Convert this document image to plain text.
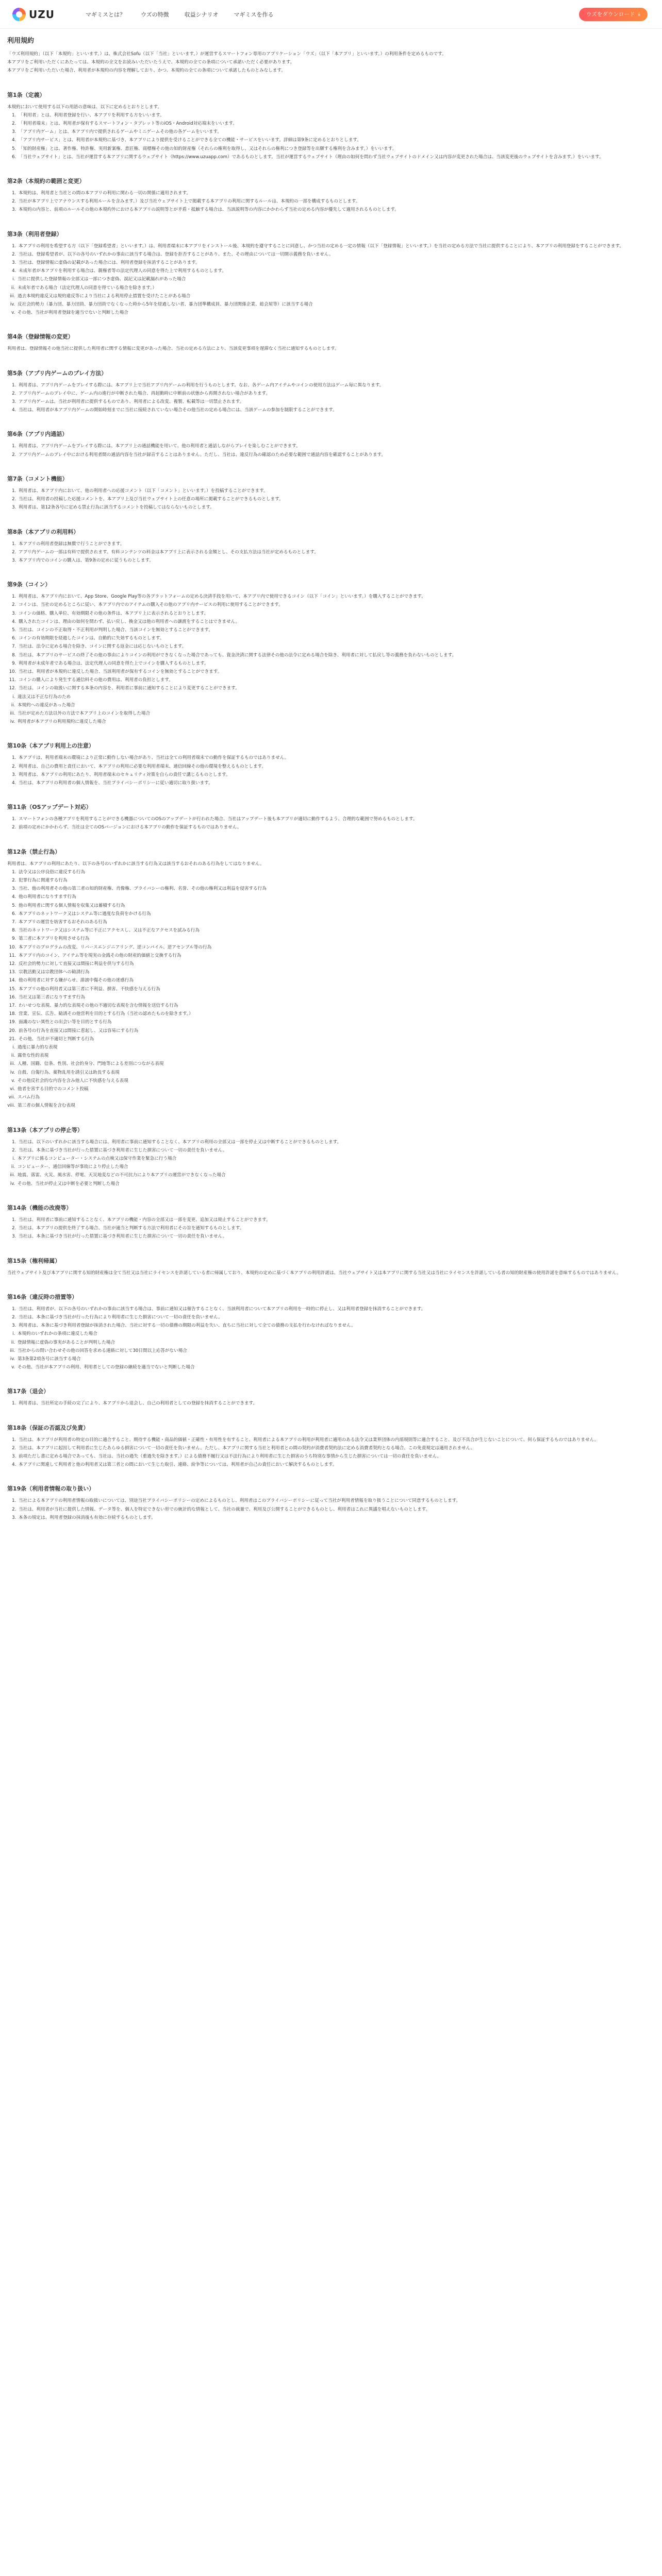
UZU	マギミスとは？	ウズの特徴	収益シナリオ	マギミスを作る	ウズをダウンロード ⤓
利用規約

「ウズ利用規約」（以下「本規約」といいます。）は、株式会社Sofu（以下「当社」といいます。）が運営するスマートフォン専用のアプリケーション「ウズ」（以下「本アプリ」といいます。）の利用条件を定めるものです。

本アプリをご利用いただくにあたっては、本規約の全文をお読みいただいたうえで、本規約の全ての条項について承諾いただく必要があります。

本アプリをご利用いただいた場合、利用者が本規約の内容を理解しており、かつ、本規約の全ての条項について承諾したものとみなします。

第1条（定義）

本規約において使用する以下の用語の意味は、以下に定めるとおりとします。

1. 「利用者」とは、利用者登録を行い、本アプリを利用する方をいいます。
2. 「利用者端末」とは、利用者が保有するスマートフォン・タブレット等のiOS・Android対応端末をいいます。
3. 「アプリ内ゲーム」とは、本アプリ内で提供されるゲームやミニゲームその他の各ゲームをいいます。
4. 「アプリ内サービス」とは、利用者が本規約に基づき、本アプリにより提供を受けることができる全ての機能・サービスをいいます。詳細は第9条に定めるとおりとします。
5. 「知的財産権」とは、著作権、特許権、実用新案権、意匠権、商標権その他の知的財産権（それらの権利を取得し、又はそれらの権利につき登録等を出願する権利を含みます。）をいいます。
6. 「当社ウェブサイト」とは、当社が運営する本アプリに関するウェブサイト（https://www.uzuapp.com）であるものとします。当社が運営するウェブサイト（理由の如何を問わず当社ウェブサイトのドメイン又は内容が変更された場合は、当該変更後のウェブサイトを含みます。）をいいます。
第2条（本規約の範囲と変更）
1. 本規約は、利用者と当社との間の本アプリの利用に関わる一切の関係に適用されます。
2. 当社が本アプリ上でアナウンスする利用ルールを含みます。）及び当社ウェブサイト上で掲載する本アプリの利用に関するルールは、本規約の一部を構成するものとします。
3. 本規約の内容と、前項のルールその他の本規約外における本アプリの説明等とが矛盾・抵触する場合は、当該説明等の内容にかかわらず当社の定める内容が優先して適用されるものとします。
第3条（利用者登録）
1. 本アプリの利用を希望する方（以下「登録希望者」といいます。）は、利用者端末に本アプリをインストール後、本規約を遵守することに同意し、かつ当社の定める一定の情報（以下「登録情報」といいます。）を当社の定める方法で当社に提供することにより、本アプリの利用登録をすることができます。
2. 当社は、登録希望者が、以下の各号のいずれかの事由に該当する場合は、登録を拒否することがあり、また、その理由については一切開示義務を負いません。
3. 当社は、登録情報に虚偽の記載があった場合には、利用者登録を抹消することがあります。
4. 未成年者が本アプリを利用する場合は、親権者等の法定代理人の同意を得た上で利用するものとします。
i. 当社に提供した登録情報の全部又は一部につき虚偽、誤記又は記載漏れがあった場合
ii. 未成年者である場合（法定代理人の同意を得ている場合を除きます。）
iii. 過去本規約違反又は規約違反等により当社による利用停止措置を受けたことがある場合
iv. 反社会的勢力（暴力団、暴力団員、暴力団員でなくなった時から5年を経過しない者、暴力団準構成員、暴力団関係企業、総会屋等）に該当する場合
v. その他、当社が利用者登録を適当でないと判断した場合
第4条（登録情報の変更）

利用者は、登録情報その他当社に提供した利用者に関する情報に変更があった場合、当社の定める方法により、当該変更事項を遅滞なく当社に通知するものとします。

第5条（アプリ内ゲームのプレイ方法）
1. 利用者は、アプリ内ゲームをプレイする際には、本アプリ上で当社アプリ内ゲームの利用を行うものとします。なお、各ゲーム内アイテムやコインの使用方法はゲーム毎に異なります。
2. アプリ内ゲームのプレイ中に、ゲーム内の進行が中断された場合、再起動時に中断前の状態から再開されない場合があります。
3. アプリ内ゲームは、当社が利用者に提供するものであり、利用者による改変、複製、転載等は一切禁止されます。
4. 当社は、利用者が本アプリ内ゲームの開始時刻までに当社に接続されていない場合その他当社の定める場合には、当該ゲームの参加を制限することができます。
第6条（アプリ内通話）
1. 利用者は、アプリ内ゲームをプレイする際には、本アプリ上の通話機能を用いて、他の利用者と通話しながらプレイを楽しむことができます。
2. アプリ内ゲームのプレイ中における利用者間の通話内容を当社が録音することはありません。ただし、当社は、違反行為の確認のため必要な範囲で通話内容を確認することがあります。
第7条（コメント機能）
1. 利用者は、本アプリ内において、他の利用者への応援コメント（以下「コメント」といいます。）を投稿することができます。
2. 当社は、利用者の投稿した応援コメントを、本アプリ上及び当社ウェブサイト上の任意の場所に掲載することができるものとします。
3. 利用者は、第12条各号に定める禁止行為に該当するコメントを投稿してはならないものとします。
第8条（本アプリの利用料）
1. 本アプリの利用者登録は無償で行うことができます。
2. アプリ内ゲームの一部は有料で提供されます。有料コンテンツの料金は本アプリ上に表示される金額とし、その支払方法は当社が定めるものとします。
3. 本アプリ内でのコインの購入は、第9条の定めに従うものとします。
第9条（コイン）
1. 利用者は、本アプリ内において、App Store、Google Play等の各プラットフォームの定める決済手段を用いて、本アプリ内で使用できるコイン（以下「コイン」といいます。）を購入することができます。
2. コインは、当社の定めるところに従い、本アプリ内でのアイテムの購入その他のアプリ内サービスの利用に使用することができます。
3. コインの価格、購入単位、有効期限その他の条件は、本アプリ上に表示されるとおりとします。
4. 購入されたコインは、理由の如何を問わず、払い戻し、換金又は他の利用者への譲渡をすることはできません。
5. 当社は、コインの不正取得・不正利用が判明した場合、当該コインを無効とすることができます。
6. コインの有効期限を経過したコインは、自動的に失効するものとします。
7. 当社は、法令に定める場合を除き、コインに関する返金には応じないものとします。
8. 当社は、本アプリのサービスの終了その他の事由によりコインの利用ができなくなった場合であっても、資金決済に関する法律その他の法令に定める場合を除き、利用者に対して払戻し等の義務を負わないものとします。
9. 利用者が未成年者である場合は、法定代理人の同意を得た上でコインを購入するものとします。
10. 当社は、利用者が本規約に違反した場合、当該利用者が保有するコインを無効とすることができます。
11. コインの購入により発生する通信料その他の費用は、利用者の負担とします。
12. 当社は、コインの取扱いに関する本条の内容を、利用者に事前に通知することにより変更することができます。
i. 違法又は不正な行為のため
ii. 本規約への違反があった場合
iii. 当社が定めた方法以外の方法で本アプリ上のコインを取得した場合
iv. 利用者が本アプリの利用規約に違反した場合
第10条（本アプリ利用上の注意）
1. 本アプリは、利用者端末の環境により正常に動作しない場合があり、当社は全ての利用者端末での動作を保証するものではありません。
2. 利用者は、自己の費用と責任において、本アプリの利用に必要な利用者端末、通信回線その他の環境を整えるものとします。
3. 利用者は、本アプリの利用にあたり、利用者端末のセキュリティ対策を自らの責任で講じるものとします。
4. 当社は、本アプリの利用者の個人情報を、当社プライバシーポリシーに従い適切に取り扱います。
第11条（OSアップデート対応）
1. スマートフォンの各種アプリを利用することができる機器についてのOSのアップデートが行われた場合、当社はアップデート後も本アプリが適切に動作するよう、合理的な範囲で努めるものとします。
2. 前項の定めにかかわらず、当社は全てのOSバージョンにおける本アプリの動作を保証するものではありません。
第12条（禁止行為）

利用者は、本アプリの利用にあたり、以下の各号のいずれかに該当する行為又は該当するおそれのある行為をしてはなりません。

1. 法令又は公序良俗に違反する行為
2. 犯罪行為に関連する行為
3. 当社、他の利用者その他の第三者の知的財産権、肖像権、プライバシーの権利、名誉、その他の権利又は利益を侵害する行為
4. 他の利用者になりすます行為
5. 他の利用者に関する個人情報を収集又は蓄積する行為
6. 本アプリのネットワーク又はシステム等に過度な負荷をかける行為
7. 本アプリの運営を妨害するおそれのある行為
8. 当社のネットワーク又はシステム等に不正にアクセスし、又は不正なアクセスを試みる行為
9. 第三者に本アプリを利用させる行為
10. 本アプリのプログラムの改変、リバースエンジニアリング、逆コンパイル、逆アセンブル等の行為
11. 本アプリ内のコイン、アイテム等を現実の金銭その他の財産的価値と交換する行為
12. 反社会的勢力に対して直接又は間接に利益を供与する行為
13. 宗教活動又は宗教団体への勧誘行為
14. 他の利用者に対する嫌がらせ、誹謗中傷その他の迷惑行為
15. 本アプリの他の利用者又は第三者に不利益、損害、不快感を与える行為
16. 当社又は第三者になりすます行為
17. わいせつな表現、暴力的な表現その他の不適切な表現を含む情報を送信する行為
18. 営業、宣伝、広告、勧誘その他営利を目的とする行為（当社の認めたものを除きます。）
19. 面識のない異性との出会い等を目的とする行為
20. 前各号の行為を直接又は間接に惹起し、又は容易にする行為
21. その他、当社が不適切と判断する行為
i. 過度に暴力的な表現
ii. 露骨な性的表現
iii. 人種、国籍、信条、性別、社会的身分、門地等による差別につながる表現
iv. 自殺、自傷行為、薬物乱用を誘引又は助長する表現
v. その他反社会的な内容を含み他人に不快感を与える表現
vi. 他者を害する目的でのコメント投稿
vii. スパム行為
viii. 第三者の個人情報を含む表現
第13条（本アプリの停止等）
1. 当社は、以下のいずれかに該当する場合には、利用者に事前に通知することなく、本アプリの利用の全部又は一部を停止又は中断することができるものとします。
2. 当社は、本条に基づき当社が行った措置に基づき利用者に生じた損害について一切の責任を負いません。
i. 本アプリに係るコンピューター・システムの点検又は保守作業を緊急に行う場合
ii. コンピューター、通信回線等が事故により停止した場合
iii. 地震、落雷、火災、風水害、停電、天災地変などの不可抗力により本アプリの運営ができなくなった場合
iv. その他、当社が停止又は中断を必要と判断した場合
第14条（機能の改廃等）
1. 当社は、利用者に事前に通知することなく、本アプリの機能・内容の全部又は一部を変更、追加又は廃止することができます。
2. 当社は、本アプリの提供を終了する場合、当社が適当と判断する方法で利用者にその旨を通知するものとします。
3. 当社は、本条に基づき当社が行った措置に基づき利用者に生じた損害について一切の責任を負いません。
第15条（権利帰属）

当社ウェブサイト及び本アプリに関する知的財産権は全て当社又は当社にライセンスを許諾している者に帰属しており、本規約の定めに基づく本アプリの利用許諾は、当社ウェブサイト又は本アプリに関する当社又は当社にライセンスを許諾している者の知的財産権の使用許諾を意味するものではありません。

第16条（違反時の措置等）
1. 当社は、利用者が、以下の各号のいずれかの事由に該当する場合は、事前に通知又は催告することなく、当該利用者について本アプリの利用を一時的に停止し、又は利用者登録を抹消することができます。
2. 当社は、本条に基づき当社が行った行為により利用者に生じた損害について一切の責任を負いません。
3. 利用者は、本条に基づき利用者登録が抹消された場合、当社に対する一切の債務の期限の利益を失い、直ちに当社に対して全ての債務の支払を行わなければなりません。
i. 本規約のいずれかの条項に違反した場合
ii. 登録情報に虚偽の事実があることが判明した場合
iii. 当社からの問い合わせその他の回答を求める連絡に対して30日間以上応答がない場合
iv. 第3条第2項各号に該当する場合
v. その他、当社が本アプリの利用、利用者としての登録の継続を適当でないと判断した場合
第17条（退会）
1. 利用者は、当社所定の手続の完了により、本アプリから退会し、自己の利用者としての登録を抹消することができます。
第18条（保証の否認及び免責）
1. 当社は、本アプリが利用者の特定の目的に適合すること、期待する機能・商品的価値・正確性・有用性を有すること、利用者による本アプリの利用が利用者に適用のある法令又は業界団体の内部規則等に適合すること、及び不具合が生じないことについて、何ら保証するものではありません。
2. 当社は、本アプリに起因して利用者に生じたあらゆる損害について一切の責任を負いません。ただし、本アプリに関する当社と利用者との間の契約が消費者契約法に定める消費者契約となる場合、この免責規定は適用されません。
3. 前項ただし書に定める場合であっても、当社は、当社の過失（重過失を除きます。）による債務不履行又は不法行為により利用者に生じた損害のうち特別な事情から生じた損害については一切の責任を負いません。
4. 本アプリに関連して利用者と他の利用者又は第三者との間において生じた取引、連絡、紛争等については、利用者が自己の責任において解決するものとします。
第19条（利用者情報の取り扱い）
1. 当社による本アプリの利用者情報の取扱いについては、別途当社プライバシーポリシーの定めによるものとし、利用者はこのプライバシーポリシーに従って当社が利用者情報を取り扱うことについて同意するものとします。
2. 当社は、利用者が当社に提供した情報、データ等を、個人を特定できない形での統計的な情報として、当社の裁量で、利用及び公開することができるものとし、利用者はこれに異議を唱えないものとします。
3. 本条の規定は、利用者登録の抹消後も有効に存続するものとします。
